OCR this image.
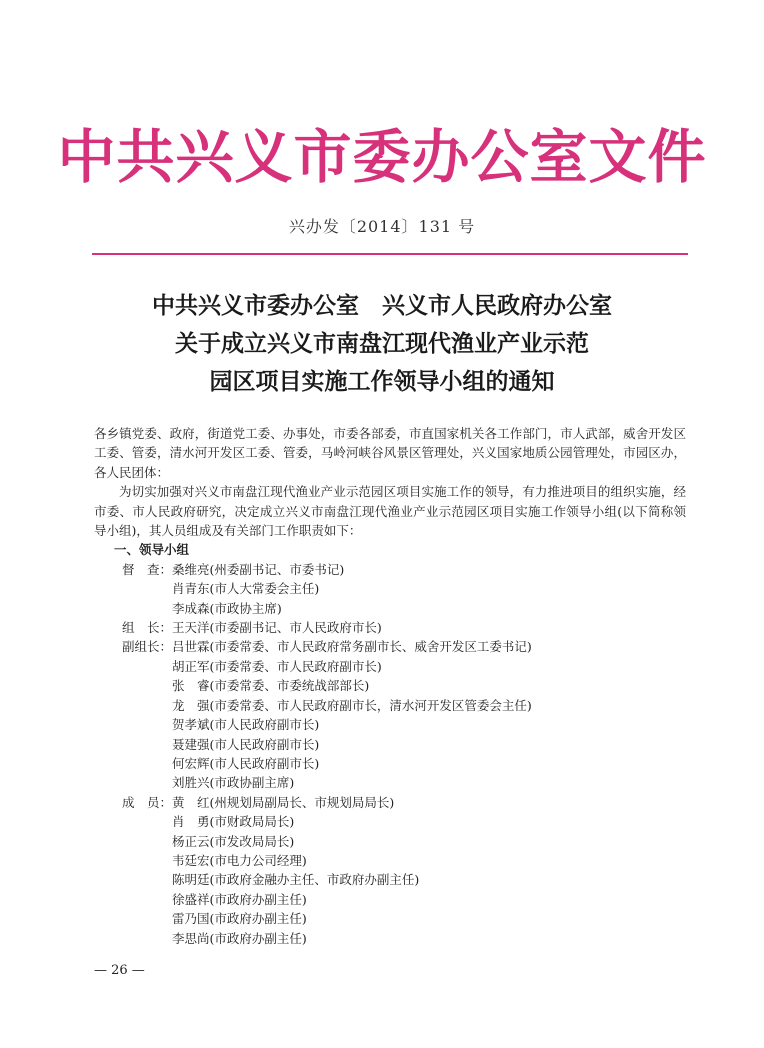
中共兴义市委办公室文件
兴办发〔2014〕131 号
中共兴义市委办公室　兴义市人民政府办公室
关于成立兴义市南盘江现代渔业产业示范
园区项目实施工作领导小组的通知
各乡镇党委、政府，街道党工委、办事处，市委各部委，市直国家机关各工作部门，市人武部，威舍开发区工委、管委，清水河开发区工委、管委，马岭河峡谷风景区管理处，兴义国家地质公园管理处，市园区办，各人民团体：
为切实加强对兴义市南盘江现代渔业产业示范园区项目实施工作的领导，有力推进项目的组织实施，经市委、市人民政府研究，决定成立兴义市南盘江现代渔业产业示范园区项目实施工作领导小组(以下简称领导小组)，其人员组成及有关部门工作职责如下：
一、领导小组
督　查： 桑维亮(州委副书记、市委书记)
肖青东(市人大常委会主任)
李成森(市政协主席)
组　长： 王天洋(市委副书记、市人民政府市长)
副组长： 吕世霖(市委常委、市人民政府常务副市长、威舍开发区工委书记)
胡正军(市委常委、市人民政府副市长)
张　睿(市委常委、市委统战部部长)
龙　强(市委常委、市人民政府副市长，清水河开发区管委会主任)
贺孝斌(市人民政府副市长)
聂建强(市人民政府副市长)
何宏辉(市人民政府副市长)
刘胜兴(市政协副主席)
成　员： 黄　红(州规划局副局长、市规划局局长)
肖　勇(市财政局局长)
杨正云(市发改局局长)
韦廷宏(市电力公司经理)
陈明廷(市政府金融办主任、市政府办副主任)
徐盛祥(市政府办副主任)
雷乃国(市政府办副主任)
李思尚(市政府办副主任)
— 26 —
